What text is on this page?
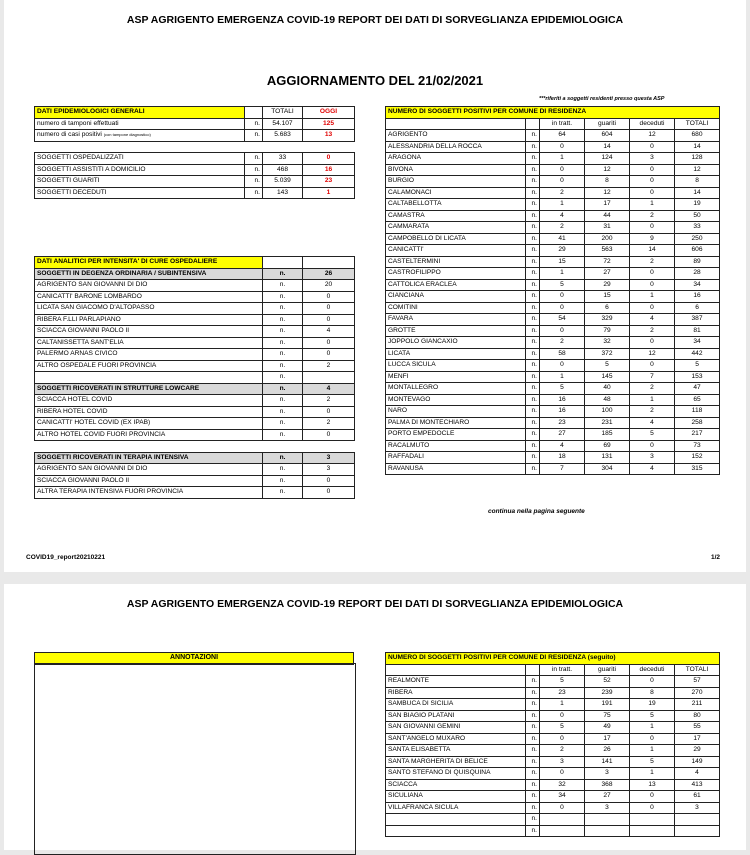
ASP AGRIGENTO EMERGENZA COVID-19 REPORT DEI DATI DI SORVEGLIANZA EPIDEMIOLOGICA
AGGIORNAMENTO DEL 21/02/2021
***riferiti a soggetti residenti presso questa ASP
DATI EPIDEMIOLOGICI GENERALI		TOTALI	OGGI
numero di tamponi effettuati	n.	54.107	125
numero di casi positivi (con tampone diagnostico)	n.	5.683	13

SOGGETTI OSPEDALIZZATI	n.	33	0
SOGGETTI ASSISTITI A DOMICILIO	n.	468	16
SOGGETTI GUARITI	n.	5.039	23
SOGGETTI DECEDUTI	n.	143	1
DATI ANALITICI PER INTENSITA' DI CURE OSPEDALIERE		
SOGGETTI IN DEGENZA ORDINARIA / SUBINTENSIVA	n.	26
AGRIGENTO SAN GIOVANNI DI DIO	n.	20
CANICATTI' BARONE LOMBARDO	n.	0
LICATA SAN GIACOMO D'ALTOPASSO	n.	0
RIBERA F.LLI PARLAPIANO	n.	0
SCIACCA GIOVANNI PAOLO II	n.	4
CALTANISSETTA SANT'ELIA	n.	0
PALERMO ARNAS CIVICO	n.	0
ALTRO OSPEDALE FUORI PROVINCIA	n.	2
	n.	
SOGGETTI RICOVERATI IN STRUTTURE LOWCARE	n.	4
SCIACCA HOTEL COVID	n.	2
RIBERA HOTEL COVID	n.	0
CANICATTI' HOTEL COVID (EX IPAB)	n.	2
ALTRO HOTEL COVID FUORI PROVINCIA	n.	0

SOGGETTI RICOVERATI IN TERAPIA INTENSIVA	n.	3
AGRIGENTO SAN GIOVANNI DI DIO	n.	3
SCIACCA GIOVANNI PAOLO II	n.	0
ALTRA TERAPIA INTENSIVA FUORI PROVINCIA	n.	0
NUMERO DI SOGGETTI POSITIVI PER COMUNE DI RESIDENZA					
		in tratt.	guariti	deceduti	TOTALI
AGRIGENTO	n.	64	604	12	680
ALESSANDRIA DELLA ROCCA	n.	0	14	0	14
ARAGONA	n.	1	124	3	128
BIVONA	n.	0	12	0	12
BURGIO	n.	0	8	0	8
CALAMONACI	n.	2	12	0	14
CALTABELLOTTA	n.	1	17	1	19
CAMASTRA	n.	4	44	2	50
CAMMARATA	n.	2	31	0	33
CAMPOBELLO DI LICATA	n.	41	200	9	250
CANICATTI'	n.	29	563	14	606
CASTELTERMINI	n.	15	72	2	89
CASTROFILIPPO	n.	1	27	0	28
CATTOLICA ERACLEA	n.	5	29	0	34
CIANCIANA	n.	0	15	1	16
COMITINI	n.	0	6	0	6
FAVARA	n.	54	329	4	387
GROTTE	n.	0	79	2	81
JOPPOLO GIANCAXIO	n.	2	32	0	34
LICATA	n.	58	372	12	442
LUCCA SICULA	n.	0	5	0	5
MENFI	n.	1	145	7	153
MONTALLEGRO	n.	5	40	2	47
MONTEVAGO	n.	16	48	1	65
NARO	n.	16	100	2	118
PALMA DI MONTECHIARO	n.	23	231	4	258
PORTO EMPEDOCLE	n.	27	185	5	217
RACALMUTO	n.	4	69	0	73
RAFFADALI	n.	18	131	3	152
RAVANUSA	n.	7	304	4	315
continua nella pagina seguente
COVID19_report20210221	1/2
ASP AGRIGENTO EMERGENZA COVID-19 REPORT DEI DATI DI SORVEGLIANZA EPIDEMIOLOGICA
ANNOTAZIONI	NUMERO DI SOGGETTI POSITIVI PER COMUNE DI RESIDENZA (seguito)					
		in tratt.	guariti	deceduti	TOTALI
REALMONTE	n.	5	52	0	57
RIBERA	n.	23	239	8	270
SAMBUCA DI SICILIA	n.	1	191	19	211
SAN BIAGIO PLATANI	n.	0	75	5	80
SAN GIOVANNI GEMINI	n.	5	49	1	55
SANT'ANGELO MUXARO	n.	0	17	0	17
SANTA ELISABETTA	n.	2	26	1	29
SANTA MARGHERITA DI BELICE	n.	3	141	5	149
SANTO STEFANO DI QUISQUINA	n.	0	3	1	4
SCIACCA	n.	32	368	13	413
SICULIANA	n.	34	27	0	61
VILLAFRANCA SICULA	n.	0	3	0	3
	n.				
	n.				
